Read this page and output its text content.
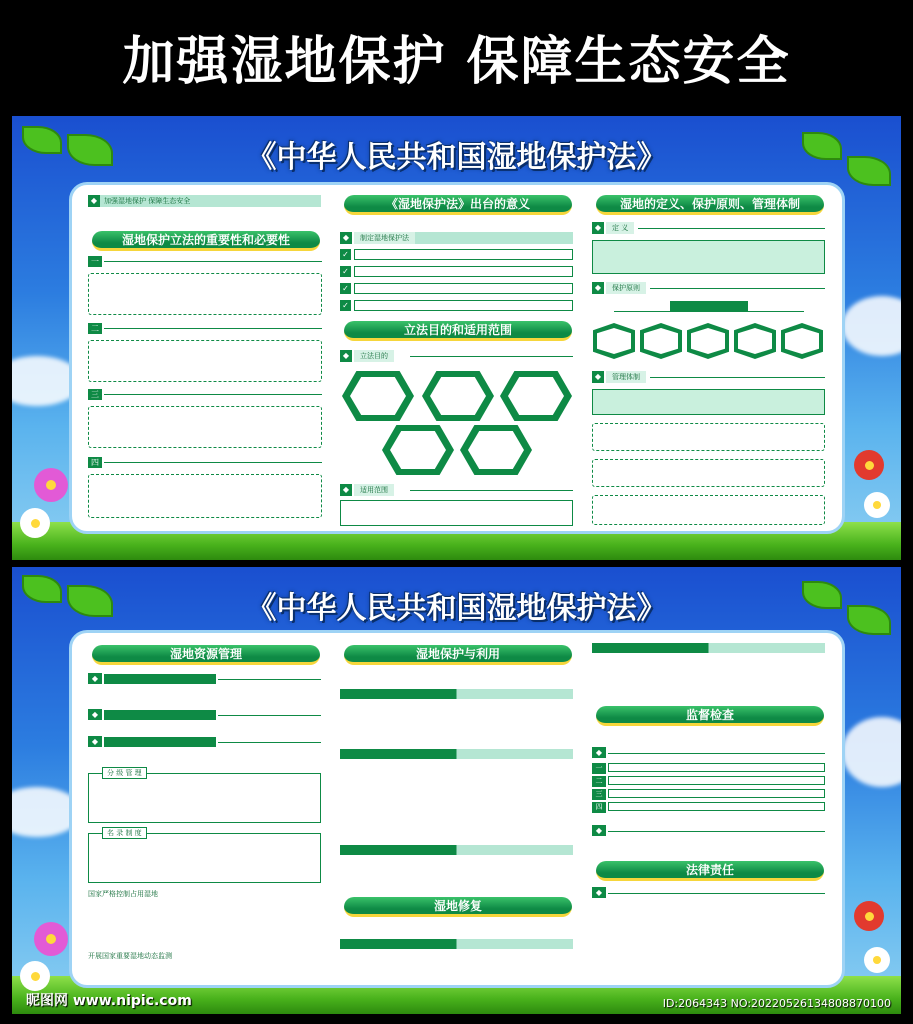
加强湿地保护 保障生态安全
《中华人民共和国湿地保护法》
◆ 加强湿地保护 保障生态安全
湿地保护立法的重要性和必要性
一
二
三
四
《湿地保护法》出台的意义
◆	制定湿地保护法
✓
✓
✓
✓
立法目的和适用范围
◆	立法目的
◆	适用范围
湿地的定义、保护原则、管理体制
◆	定 义
◆	保护原则
◆	管理体制
《中华人民共和国湿地保护法》
湿地资源管理
◆
◆
◆
分 级 管 理
名 录 制 度
国家严格控制占用湿地
开展国家重要湿地动态监测
湿地保护与利用
湿地修复
监督检查
◆
一
二
三
四
◆
法律责任
◆
昵图网 www.nipic.com	ID:2064343 NO:20220526134808870100
